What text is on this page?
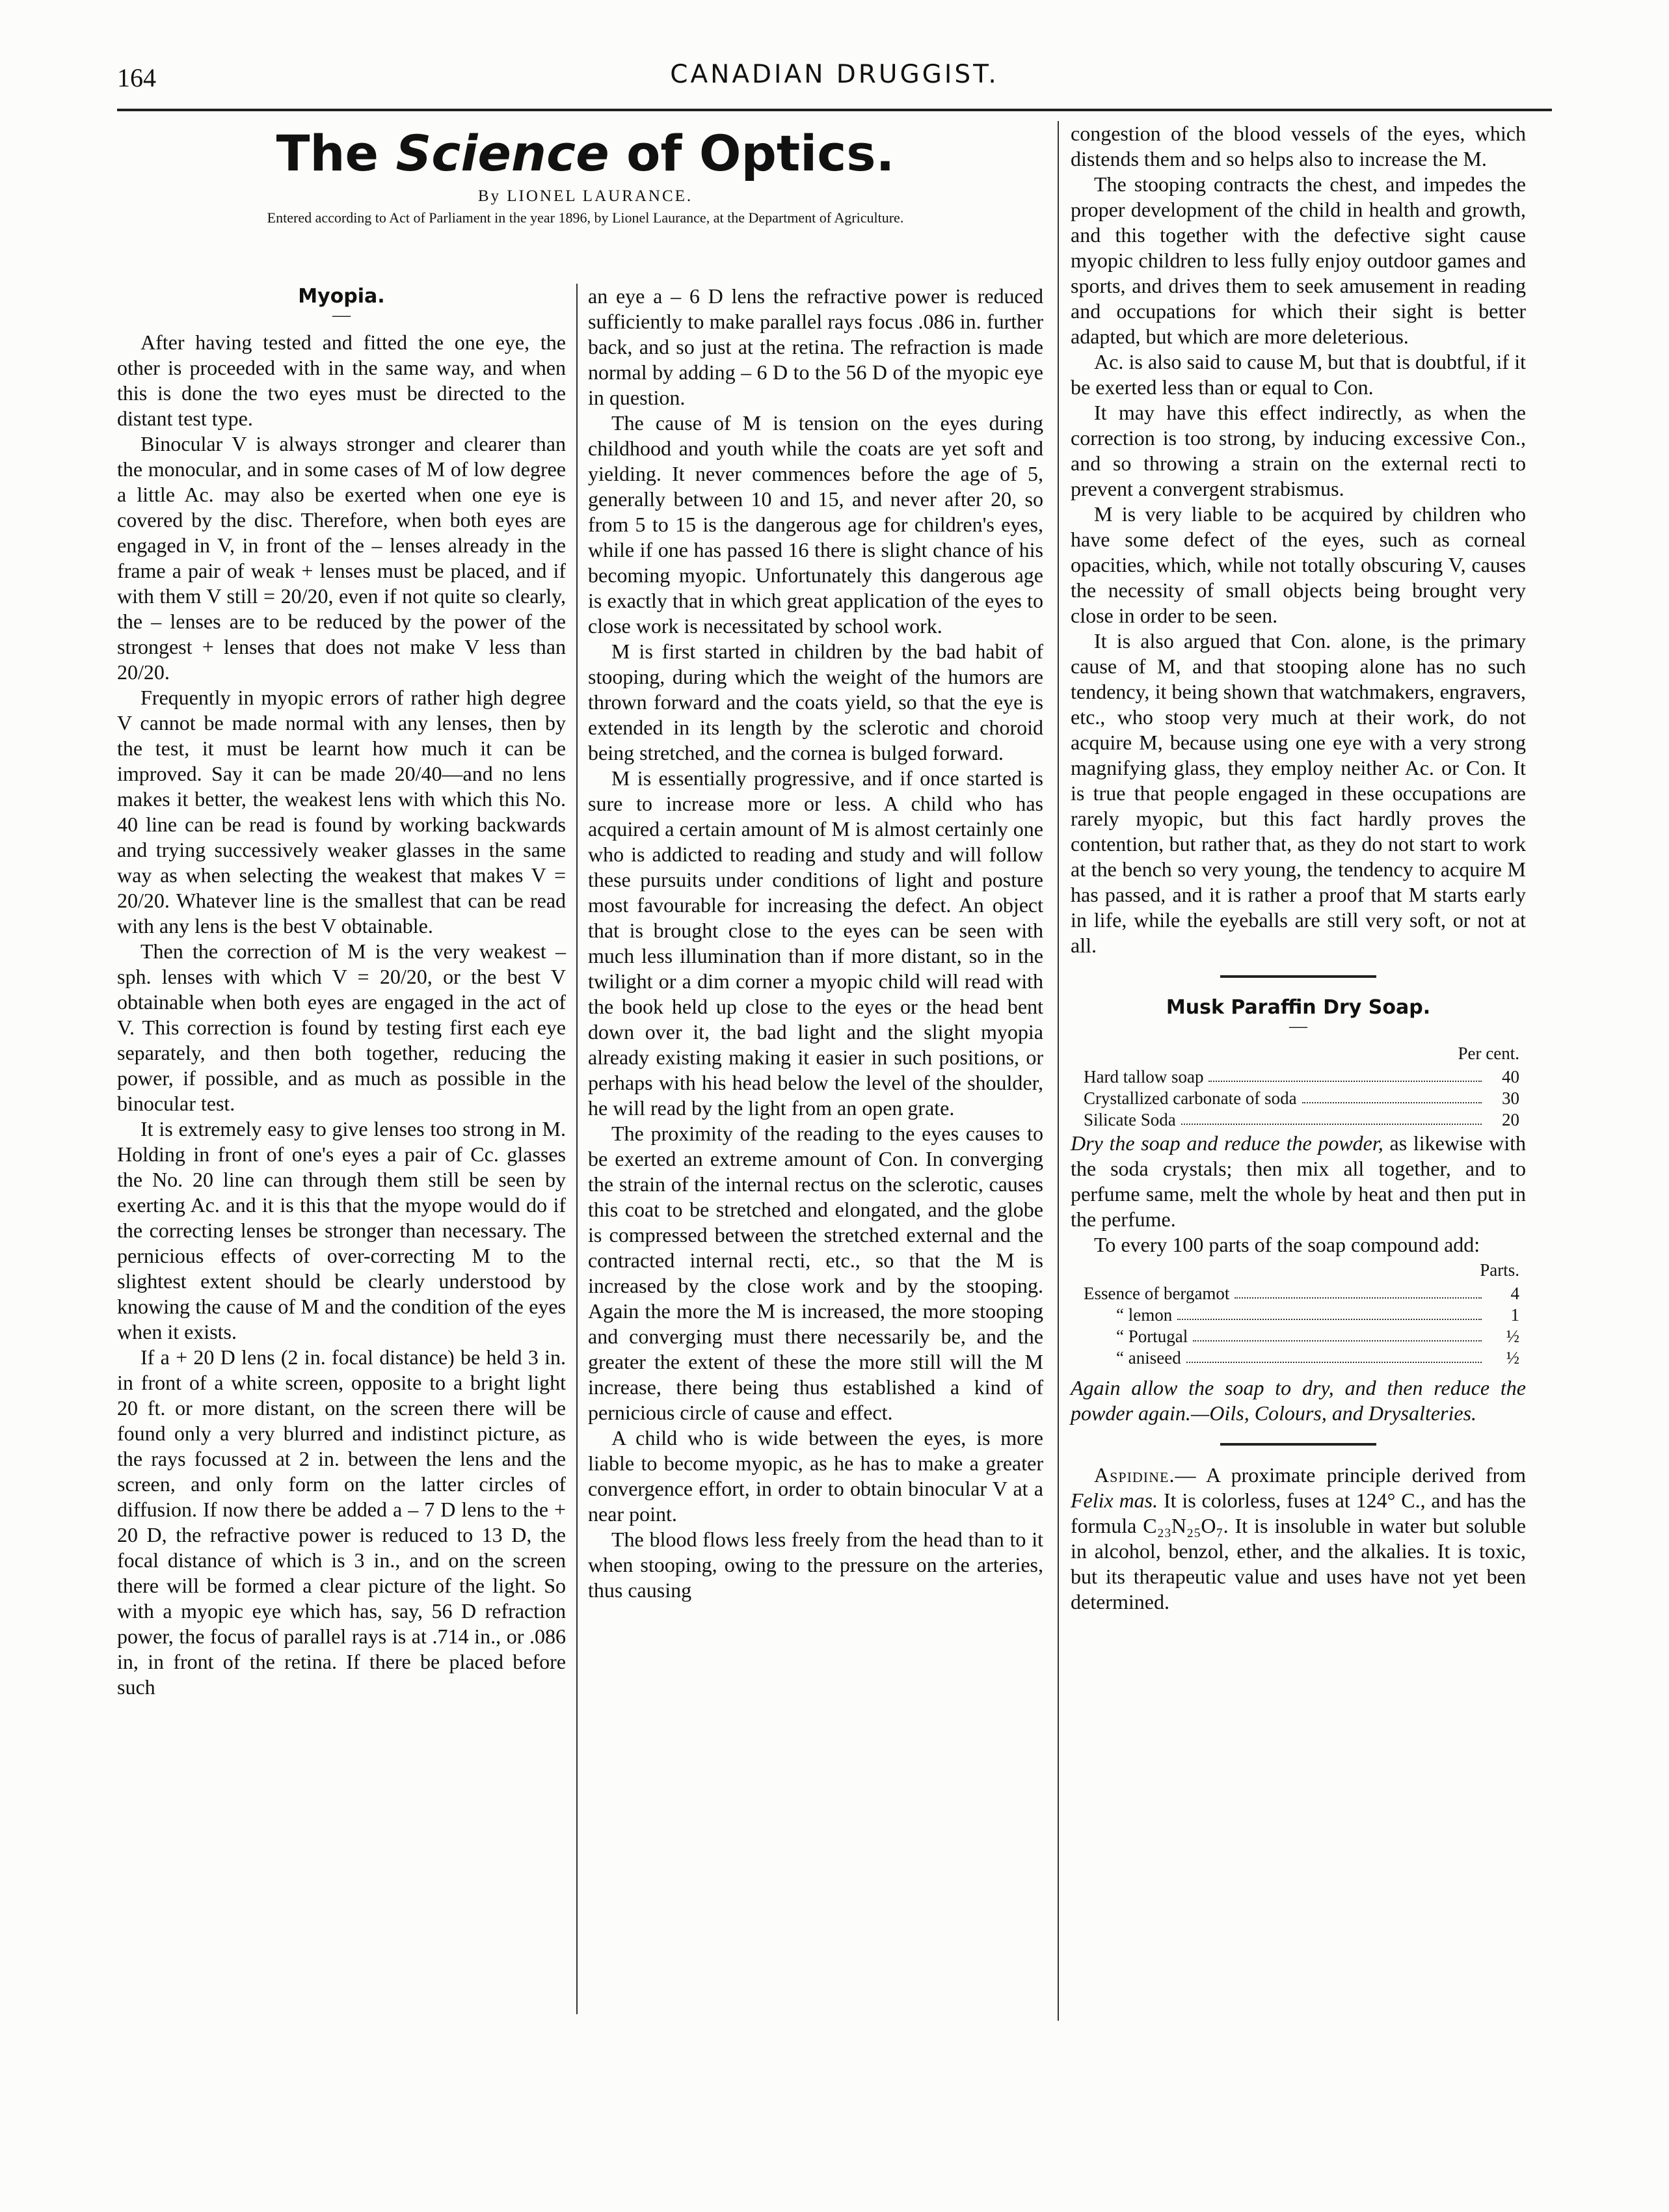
164	CANADIAN DRUGGIST.
The Science of Optics.
By LIONEL LAURANCE.
Entered according to Act of Parliament in the year 1896, by Lionel Laurance, at the Department of Agriculture.
Myopia.
—

After having tested and fitted the one eye, the other is proceeded with in the same way, and when this is done the two eyes must be directed to the distant test type.

Binocular V is always stronger and clearer than the monocular, and in some cases of M of low degree a little Ac. may also be exerted when one eye is covered by the disc. Therefore, when both eyes are engaged in V, in front of the – lenses already in the frame a pair of weak + lenses must be placed, and if with them V still = 20/20, even if not quite so clearly, the – lenses are to be reduced by the power of the strongest + lenses that does not make V less than 20/20.

Frequently in myopic errors of rather high degree V cannot be made normal with any lenses, then by the test, it must be learnt how much it can be improved. Say it can be made 20/40—and no lens makes it better, the weakest lens with which this No. 40 line can be read is found by working backwards and trying successively weaker glasses in the same way as when selecting the weakest that makes V = 20/20. Whatever line is the smallest that can be read with any lens is the best V obtainable.

Then the correction of M is the very weakest – sph. lenses with which V = 20/20, or the best V obtainable when both eyes are engaged in the act of V. This correction is found by testing first each eye separately, and then both together, reducing the power, if possible, and as much as possible in the binocular test.

It is extremely easy to give lenses too strong in M. Holding in front of one's eyes a pair of Cc. glasses the No. 20 line can through them still be seen by exerting Ac. and it is this that the myope would do if the correcting lenses be stronger than necessary. The pernicious effects of over-correcting M to the slightest extent should be clearly understood by knowing the cause of M and the condition of the eyes when it exists.

If a + 20 D lens (2 in. focal distance) be held 3 in. in front of a white screen, opposite to a bright light 20 ft. or more distant, on the screen there will be found only a very blurred and indistinct picture, as the rays focussed at 2 in. between the lens and the screen, and only form on the latter circles of diffusion. If now there be added a – 7 D lens to the + 20 D, the refractive power is reduced to 13 D, the focal distance of which is 3 in., and on the screen there will be formed a clear picture of the light. So with a myopic eye which has, say, 56 D refraction power, the focus of parallel rays is at .714 in., or .086 in, in front of the retina. If there be placed before such

an eye a – 6 D lens the refractive power is reduced sufficiently to make parallel rays focus .086 in. further back, and so just at the retina. The refraction is made normal by adding – 6 D to the 56 D of the myopic eye in question.

The cause of M is tension on the eyes during childhood and youth while the coats are yet soft and yielding. It never commences before the age of 5, generally between 10 and 15, and never after 20, so from 5 to 15 is the dangerous age for children's eyes, while if one has passed 16 there is slight chance of his becoming myopic. Unfortunately this dangerous age is exactly that in which great application of the eyes to close work is necessitated by school work.

M is first started in children by the bad habit of stooping, during which the weight of the humors are thrown forward and the coats yield, so that the eye is extended in its length by the sclerotic and choroid being stretched, and the cornea is bulged forward.

M is essentially progressive, and if once started is sure to increase more or less. A child who has acquired a certain amount of M is almost certainly one who is addicted to reading and study and will follow these pursuits under conditions of light and posture most favourable for increasing the defect. An object that is brought close to the eyes can be seen with much less illumination than if more distant, so in the twilight or a dim corner a myopic child will read with the book held up close to the eyes or the head bent down over it, the bad light and the slight myopia already existing making it easier in such positions, or perhaps with his head below the level of the shoulder, he will read by the light from an open grate.

The proximity of the reading to the eyes causes to be exerted an extreme amount of Con. In converging the strain of the internal rectus on the sclerotic, causes this coat to be stretched and elongated, and the globe is compressed between the stretched external and the contracted internal recti, etc., so that the M is increased by the close work and by the stooping. Again the more the M is increased, the more stooping and converging must there necessarily be, and the greater the extent of these the more still will the M increase, there being thus established a kind of pernicious circle of cause and effect.

A child who is wide between the eyes, is more liable to become myopic, as he has to make a greater convergence effort, in order to obtain binocular V at a near point.

The blood flows less freely from the head than to it when stooping, owing to the pressure on the arteries, thus causing

congestion of the blood vessels of the eyes, which distends them and so helps also to increase the M.

The stooping contracts the chest, and impedes the proper development of the child in health and growth, and this together with the defective sight cause myopic children to less fully enjoy outdoor games and sports, and drives them to seek amusement in reading and occupations for which their sight is better adapted, but which are more deleterious.

Ac. is also said to cause M, but that is doubtful, if it be exerted less than or equal to Con.

It may have this effect indirectly, as when the correction is too strong, by inducing excessive Con., and so throwing a strain on the external recti to prevent a convergent strabismus.

M is very liable to be acquired by children who have some defect of the eyes, such as corneal opacities, which, while not totally obscuring V, causes the necessity of small objects being brought very close in order to be seen.

It is also argued that Con. alone, is the primary cause of M, and that stooping alone has no such tendency, it being shown that watchmakers, engravers, etc., who stoop very much at their work, do not acquire M, because using one eye with a very strong magnifying glass, they employ neither Ac. or Con. It is true that people engaged in these occupations are rarely myopic, but this fact hardly proves the contention, but rather that, as they do not start to work at the bench so very young, the tendency to acquire M has passed, and it is rather a proof that M starts early in life, while the eyeballs are still very soft, or not at all.

Musk Paraffin Dry Soap.
—
Per cent.
Hard tallow soap	40
Crystallized carbonate of soda	30
Silicate Soda	20

Dry the soap and reduce the powder, as likewise with the soda crystals; then mix all together, and to perfume same, melt the whole by heat and then put in the perfume.

To every 100 parts of the soap compound add:

Parts.
Essence of bergamot	4
“ lemon	1
“ Portugal	½
“ aniseed	½

Again allow the soap to dry, and then reduce the powder again.—Oils, Colours, and Drysalteries.

Aspidine.— A proximate principle derived from Felix mas. It is colorless, fuses at 124° C., and has the formula C₂₃N₂₅O₇. It is insoluble in water but soluble in alcohol, benzol, ether, and the alkalies. It is toxic, but its therapeutic value and uses have not yet been determined.
